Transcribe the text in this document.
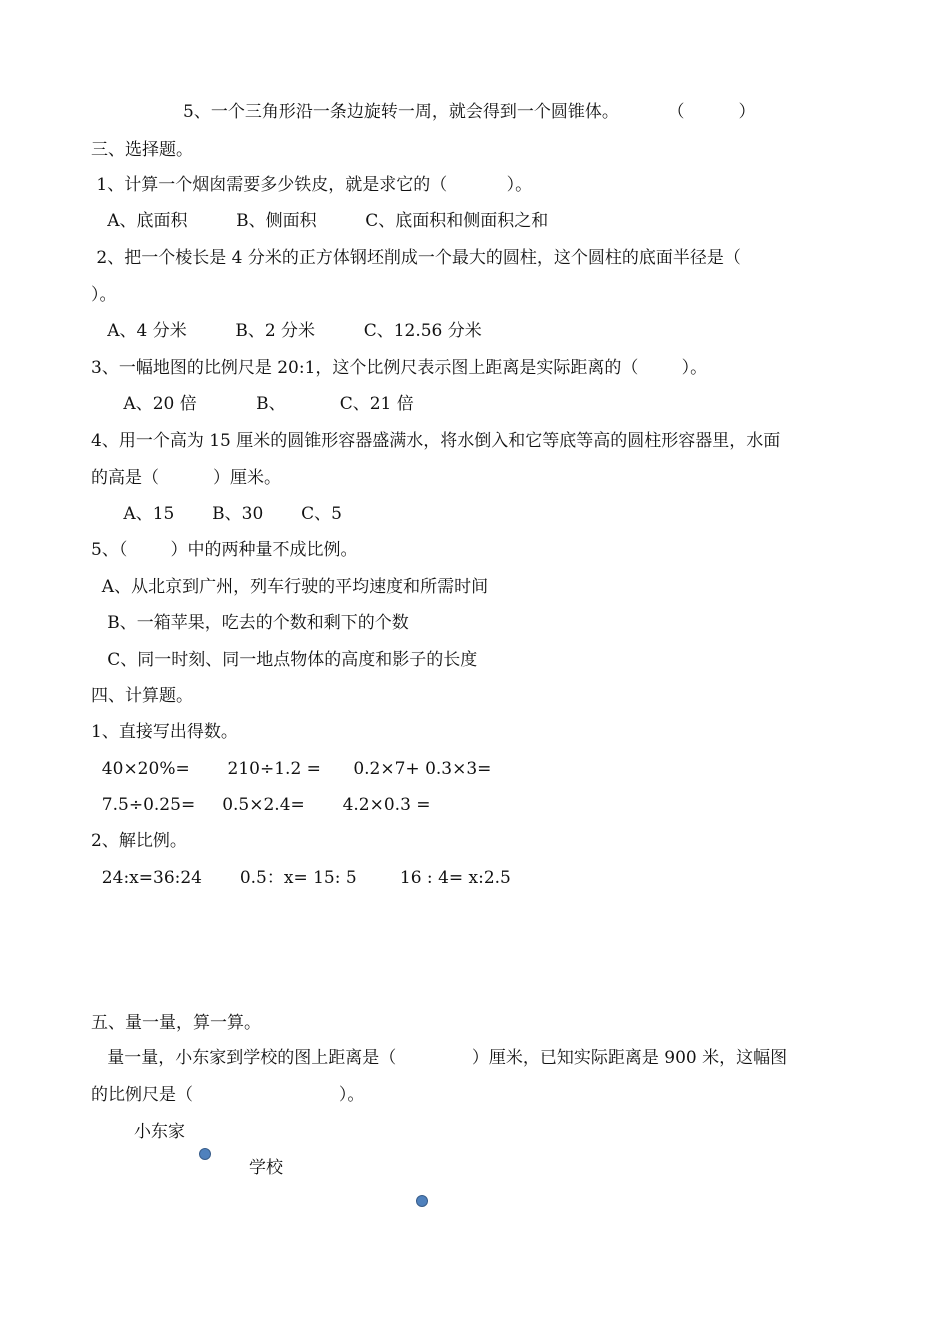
5、一个三角形沿一条边旋转一周，就会得到一个圆锥体。         （          ）
三、选择题。
1、计算一个烟囱需要多少铁皮，就是求它的（           ）。
A、底面积         B、侧面积         C、底面积和侧面积之和
2、把一个棱长是 4 分米的正方体钢坯削成一个最大的圆柱，这个圆柱的底面半径是（
）。
A、4 分米         B、2 分米         C、12.56 分米
3、一幅地图的比例尺是 20:1，这个比例尺表示图上距离是实际距离的（        ）。
A、20 倍           B、          C、21 倍
4、用一个高为 15 厘米的圆锥形容器盛满水，将水倒入和它等底等高的圆柱形容器里，水面
的高是（          ）厘米。
A、15       B、30       C、5
5、（        ）中的两种量不成比例。
A、从北京到广州，列车行驶的平均速度和所需时间
B、一箱苹果，吃去的个数和剩下的个数
C、同一时刻、同一地点物体的高度和影子的长度
四、计算题。
1、直接写出得数。
40×20%=       210÷1.2 =      0.2×7+ 0.3×3=
7.5÷0.25=     0.5×2.4=       4.2×0.3 =
2、解比例。
24:x=36:24       0.5：x= 15: 5        16 : 4= x:2.5
五、量一量，算一算。
量一量，小东家到学校的图上距离是（              ）厘米，已知实际距离是 900 米，这幅图
的比例尺是（                           ）。
小东家
学校
